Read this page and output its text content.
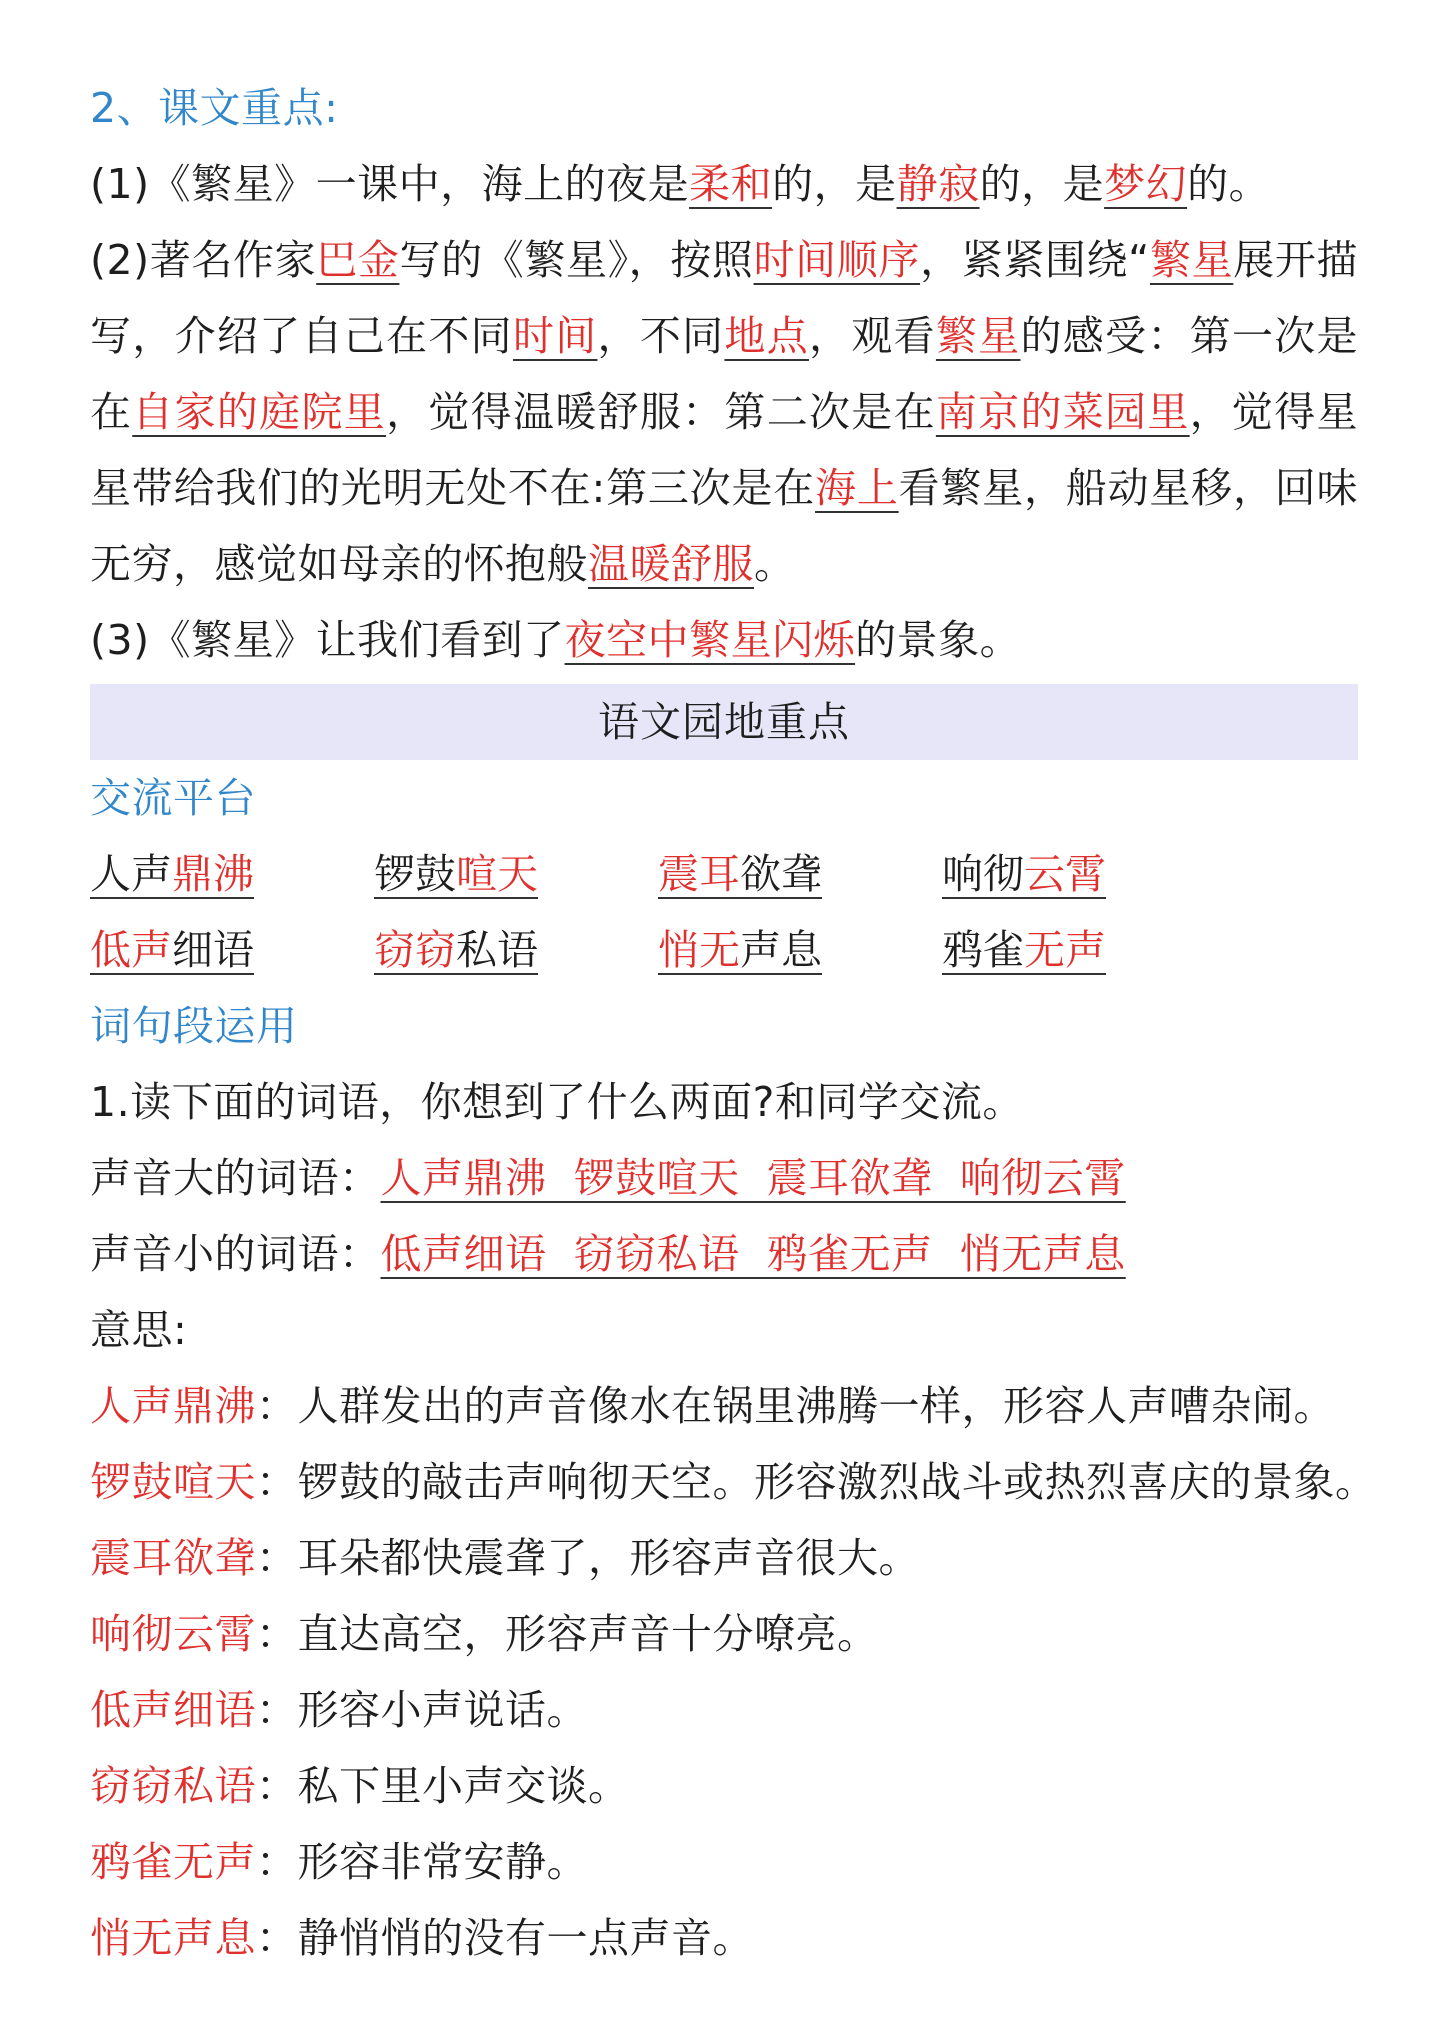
2、课文重点:
(1)《繁星》一课中，海上的夜是柔和的，是静寂的，是梦幻的。
(2)著名作家巴金写的《繁星》，按照时间顺序，紧紧围绕“繁星展开描写，介绍了自己在不同时间，不同地点，观看繁星的感受：第一次是在自家的庭院里，觉得温暖舒服：第二次是在南京的菜园里，觉得星星带给我们的光明无处不在:第三次是在海上看繁星，船动星移，回味无穷，感觉如母亲的怀抱般温暖舒服。
(3)《繁星》让我们看到了夜空中繁星闪烁的景象。
语文园地重点
交流平台
人声鼎沸	锣鼓喧天	震耳欲聋	响彻云霄
低声细语	窃窃私语	悄无声息	鸦雀无声
词句段运用
1.读下面的词语，你想到了什么两面?和同学交流。
声音大的词语：人声鼎沸  锣鼓喧天  震耳欲聋  响彻云霄
声音小的词语：低声细语  窃窃私语  鸦雀无声  悄无声息
意思:
人声鼎沸：人群发出的声音像水在锅里沸腾一样，形容人声嘈杂闹。
锣鼓喧天：锣鼓的敲击声响彻天空。形容激烈战斗或热烈喜庆的景象。
震耳欲聋：耳朵都快震聋了，形容声音很大。
响彻云霄：直达高空，形容声音十分嘹亮。
低声细语：形容小声说话。
窃窃私语：私下里小声交谈。
鸦雀无声：形容非常安静。
悄无声息：静悄悄的没有一点声音。
